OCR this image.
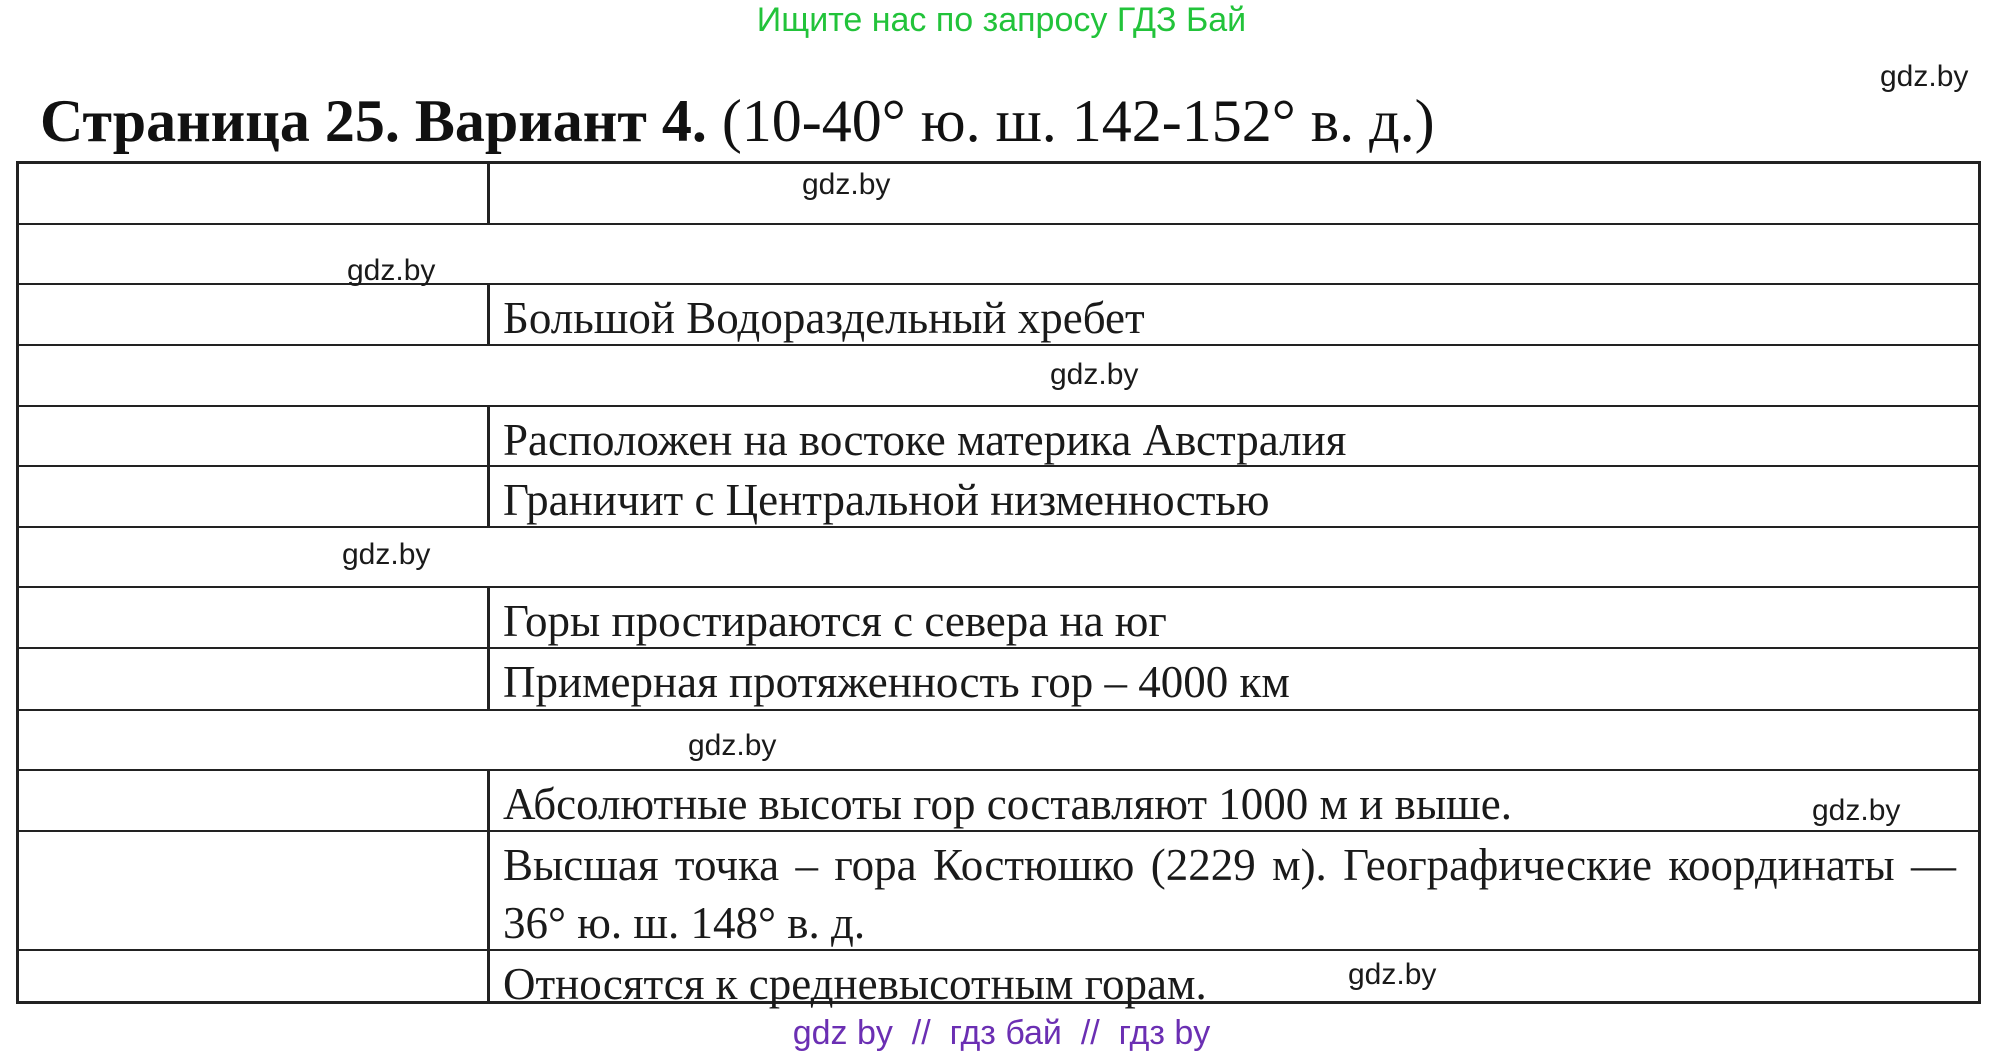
Ищите нас по запросу ГДЗ Бай
gdz.by
Страница 25. Вариант 4. (10-40° ю. ш. 142-152° в. д.)
Большой Водораздельный хребет
Расположен на востоке материка Австралия
Граничит с Центральной низменностью
Горы простираются с севера на юг
Примерная протяженность гор – 4000 км
Абсолютные высоты гор составляют 1000 м и выше.
Высшая точка – гора Костюшко (2229 м). Географические координаты — 36° ю. ш. 148° в. д.
Относятся к средневысотным горам.
gdz.by
gdz.by
gdz.by
gdz.by
gdz.by
gdz.by
gdz.by
gdz by  //  гдз бай  //  гдз by
